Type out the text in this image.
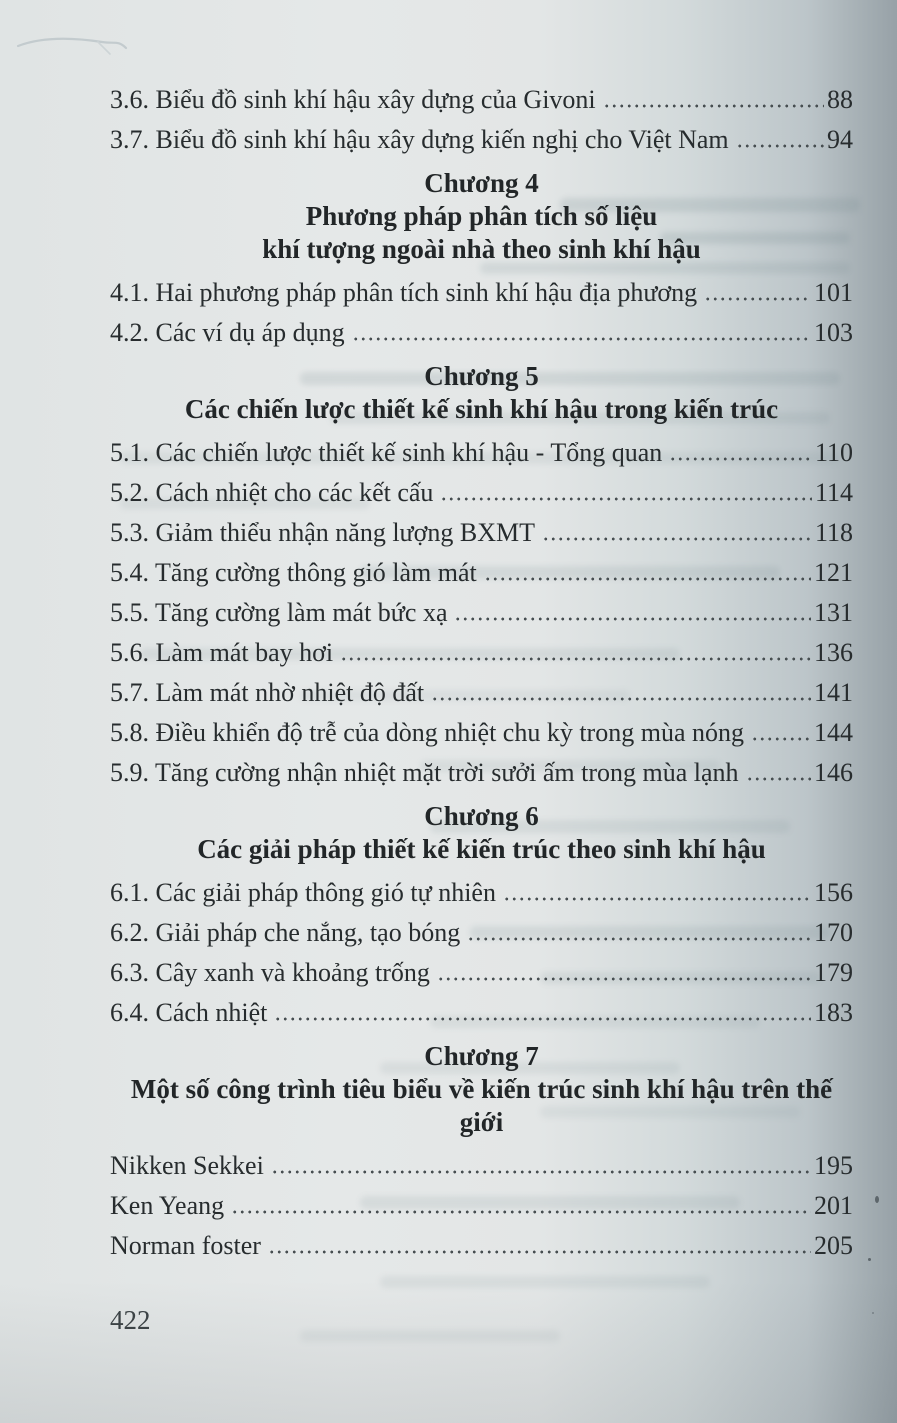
3.6. Biểu đồ sinh khí hậu xây dựng của Givoni	88
3.7. Biểu đồ sinh khí hậu xây dựng kiến nghị cho Việt Nam	94
Chương 4
Phương pháp phân tích số liệu
khí tượng ngoài nhà theo sinh khí hậu
4.1. Hai phương pháp phân tích sinh khí hậu địa phương	101
4.2. Các ví dụ áp dụng	103
Chương 5
Các chiến lược thiết kế sinh khí hậu trong kiến trúc
5.1. Các chiến lược thiết kế sinh khí hậu - Tổng quan	110
5.2. Cách nhiệt cho các kết cấu	114
5.3. Giảm thiểu nhận năng lượng BXMT	118
5.4. Tăng cường thông gió làm mát	121
5.5. Tăng cường làm mát bức xạ	131
5.6. Làm mát bay hơi	136
5.7. Làm mát nhờ nhiệt độ đất	141
5.8. Điều khiển độ trễ của dòng nhiệt chu kỳ trong mùa nóng	144
5.9. Tăng cường nhận nhiệt mặt trời sưởi ấm trong mùa lạnh	146
Chương 6
Các giải pháp thiết kế kiến trúc theo sinh khí hậu
6.1. Các giải pháp thông gió tự nhiên	156
6.2. Giải pháp che nắng, tạo bóng	170
6.3. Cây xanh và khoảng trống	179
6.4. Cách nhiệt	183
Chương 7
Một số công trình tiêu biểu về kiến trúc sinh khí hậu trên thế giới
Nikken Sekkei	195
Ken Yeang	201
Norman foster	205
422
